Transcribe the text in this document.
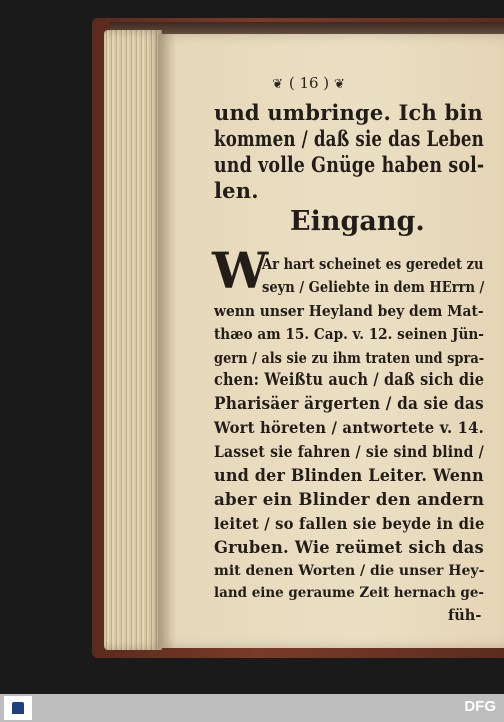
❦ ( 16 ) ❦
und umbringe. Ich bin
kommen / daß sie das Leben
und volle Gnüge haben sol-
len.
Eingang.
W
Ar hart scheinet es geredet zu
seyn / Geliebte in dem HErrn /
wenn unser Heyland bey dem Mat-
thæo am 15. Cap. v. 12. seinen Jün-
gern / als sie zu ihm traten und spra-
chen: Weißtu auch / daß sich die
Pharisäer ärgerten / da sie das
Wort höreten / antwortete v. 14.
Lasset sie fahren / sie sind blind /
und der Blinden Leiter. Wenn
aber ein Blinder den andern
leitet / so fallen sie beyde in die
Gruben. Wie reümet sich das
mit denen Worten / die unser Hey-
land eine geraume Zeit hernach ge-
füh-
DFG
